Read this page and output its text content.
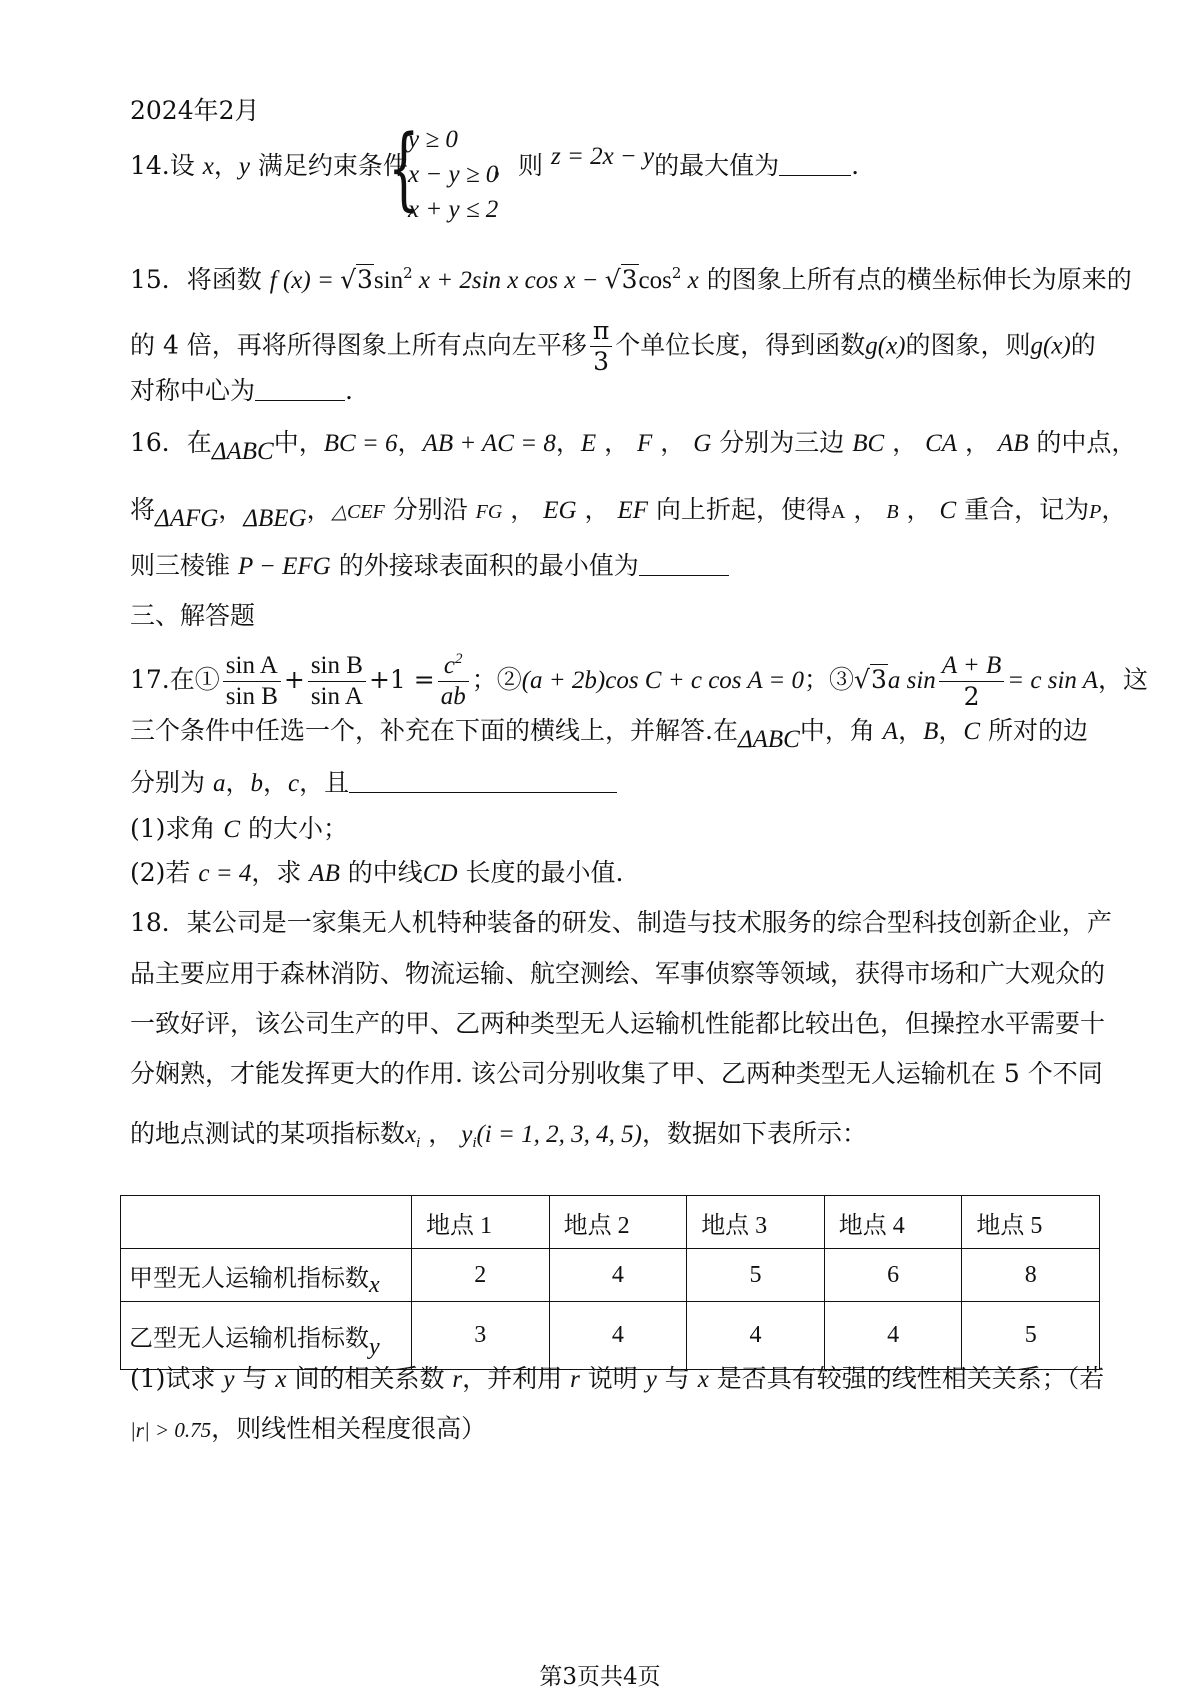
2024年2月
14.设 x，y 满足约束条件
{
y ≥ 0
x − y ≥ 0
x + y ≤ 2
，则 z = 2x − y的最大值为	.
15．将函数 f $(x) = √3\sin^2$ x + 2sin x $\cos x - √3\cos^2$ x 的图象上所有点的横坐标伸长为原来的
的 4 倍，再将所得图象上所有点向左平移 $\frac{\pi}{3}$ 个单位长度，得到函数g(x)的图象，则g(x)的
对称中心为	.
16．在ΔABC中，BC = 6，AB + AC = 8，E ， F ， G 分别为三边 BC ， CA ， AB 的中点，
将ΔAFG，ΔBEG，△CEF 分别沿 FG ， EG ， EF 向上折起，使得A ， B ， C 重合，记为P，
则三棱锥 P − EFG 的外接球表面积的最小值为
三、解答题
17.在① $\frac{\text{sin A}}{\text{sin B}} + \frac{\text{sin B}}{\text{sin A}} +1 = \frac{c^2}{ab}$ ；②(a + 2b)cos C + c cos A = 0；③√3a $\sin \frac{A + B}{2} = c$ sin A，这
三个条件中任选一个，补充在下面的横线上，并解答.在ΔABC中，角 A，B，C 所对的边
分别为 a，b，c，且
(1)求角 C 的大小；
(2)若 c = 4，求 AB 的中线CD 长度的最小值.
18．某公司是一家集无人机特种装备的研发、制造与技术服务的综合型科技创新企业，产
品主要应用于森林消防、物流运输、航空测绘、军事侦察等领域，获得市场和广大观众的
一致好评，该公司生产的甲、乙两种类型无人运输机性能都比较出色，但操控水平需要十
分娴熟，才能发挥更大的作用. 该公司分别收集了甲、乙两种类型无人运输机在 5 个不同
的地点测试的某项指标数$x_i$ ， $y_i(i = 1$, 2, 3, 4, 5)，数据如下表所示：
	地点 1	地点 2	地点 3	地点 4	地点 5
甲型无人运输机指标数x	2	4	5	6	8
乙型无人运输机指标数y	3	4	4	4	5
(1)试求 y 与 x 间的相关系数 r，并利用 r 说明 y 与 x 是否具有较强的线性相关关系；（若
|r| > 0.75，则线性相关程度很高）
第3页共4页
